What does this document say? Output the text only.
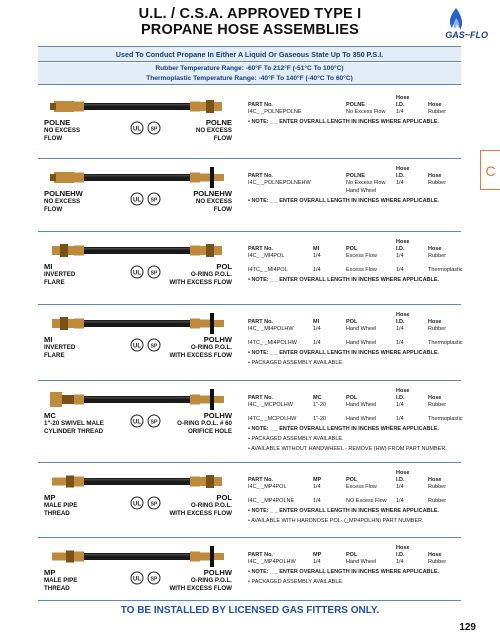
U.L. / C.S.A. APPROVED TYPE I
PROPANE HOSE ASSEMBLIES	GAS~FLO
Used To Conduct Propane In Either A Liquid Or Gaseous State Up To 350 P.S.I.
Rubber Temperature Range: -60°F To 212°F (-51°C To 100°C)
Thermoplastic Temperature Range: -40°F To 140°F (-40°C To 60°C)
C
POLNE
NO EXCESS
FLOW
UL SP
POLNE
NO EXCESS
FLOW
Hose
PART No.	POLNE	I.D.	Hose
I4C_ _POLNEPOLNE	No Excess Flow 1/4	Rubber
• NOTE: _ _ ENTER OVERALL LENGTH IN INCHES WHERE APPLICABLE.
POLNEHW
NO EXCESS
FLOW
UL SP
POLNEHW
NO EXCESS
FLOW
Hose
PART No.	POLNE	I.D.	Hose
I4C_ _POLNEPOLNEHW	No Excess Flow 1/4	Rubber
Hand Wheel
• NOTE: _ _ ENTER OVERALL LENGTH IN INCHES WHERE APPLICABLE.
MI
INVERTED
FLARE
UL SP
POL
O-RING P.O.L.
WITH EXCESS FLOW
Hose
PART No.	MI	POL	I.D.	Hose
I4C_ _MI4POL	1/4	Excess Flow	1/4	Rubber
I4TC_ _MI4POL	1/4	Excess Flow	1/4	Thermoplastic
• NOTE: _ _ ENTER OVERALL LENGTH IN INCHES WHERE APPLICABLE.
MI
INVERTED
FLARE
UL SP
POLHW
O-RING P.O.L.
WITH EXCESS FLOW
Hose
PART No.	MI	POL	I.D.	Hose
I4C_ _MI4POLHW	1/4	Hand Wheel	1/4	Rubber
I4TC_ _MI4POLHW	1/4	Hand Wheel	1/4	Thermoplastic
• NOTE: _ _ ENTER OVERALL LENGTH IN INCHES WHERE APPLICABLE.
• PACKAGED ASSEMBLY AVAILABLE.
MC
1"-20 SWIVEL MALE
CYLINDER THREAD
UL SP
POLHW
O-RING P.O.L. # 60
ORIFICE HOLE
Hose
PART No.	MC	POL	I.D.	Hose
I4C_ _MCPOLHW	1"-20	Hand Wheel	1/4	Rubber
I4TC_ _MCPOLHW	1"-20	Hand Wheel	1/4	Thermoplastic
• NOTE: _ _ ENTER OVERALL LENGTH IN INCHES WHERE APPLICABLE.
• PACKAGED ASSEMBLY AVAILABLE.
• AVAILABLE WITHOUT HANDWHEEL - REMOVE (HW) FROM PART NUMBER.
MP
MALE PIPE
THREAD
UL SP
POL
O-RING P.O.L.
WITH EXCESS FLOW
Hose
PART No.	MP	POL	I.D.	Hose
I4C_ _MP4POL	1/4	Excess Flow	1/4	Rubber
I4C_ _MP4POLNE	1/4	NO Excess Flow 1/4	Rubber
• NOTE: _ _ ENTER OVERALL LENGTH IN INCHES WHERE APPLICABLE.
• AVAILABLE WITH HARDNOSE POL- (_MP4POLHN) PART NUMBER.
MP
MALE PIPE
THREAD
UL SP
POLHW
O-RING P.O.L.
WITH EXCESS FLOW
Hose
PART No.	MP	POL	I.D.	Hose
I4C_ _MP4POLHW	1/4	Hand Wheel	1/4	Rubber
• NOTE: _ _ ENTER OVERALL LENGTH IN INCHES WHERE APPLICABLE.
• PACKAGED ASSEMBLY AVAILABLE.
TO BE INSTALLED BY LICENSED GAS FITTERS ONLY.
129
